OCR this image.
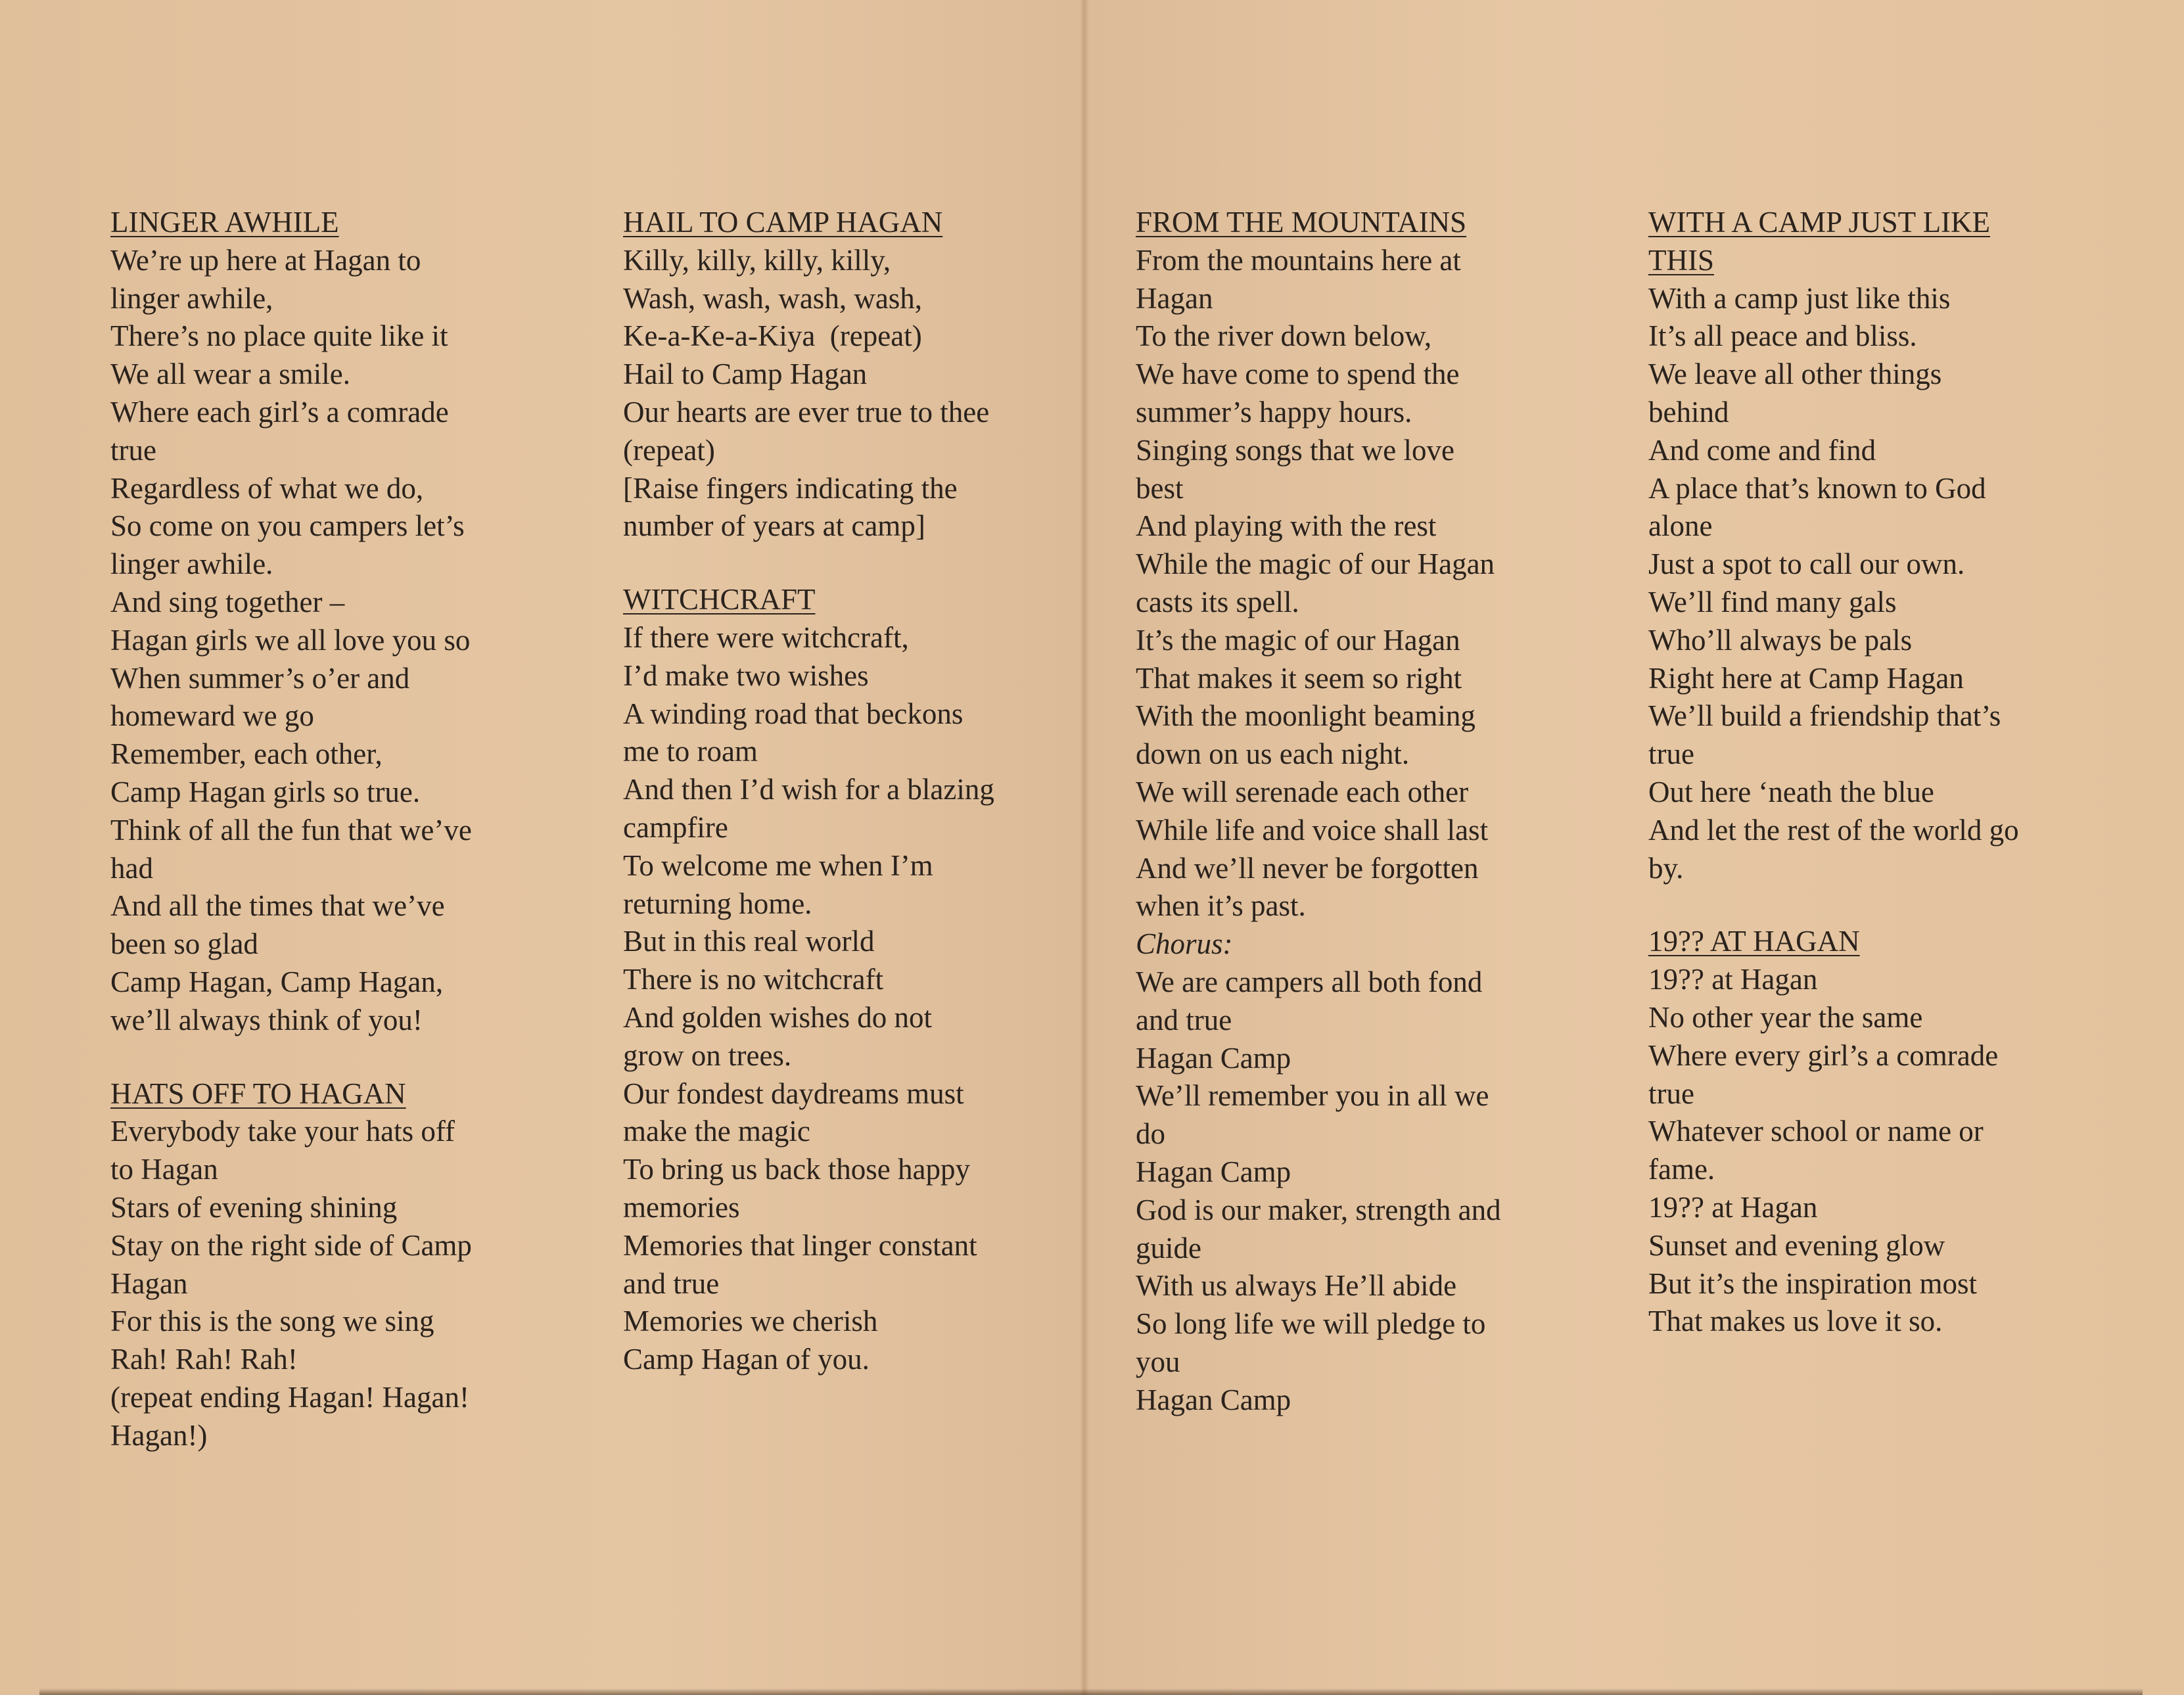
LINGER AWHILE
We’re up here at Hagan to
linger awhile,
There’s no place quite like it
We all wear a smile.
Where each girl’s a comrade
true
Regardless of what we do,
So come on you campers let’s
linger awhile.
And sing together –
Hagan girls we all love you so
When summer’s o’er and
homeward we go
Remember, each other,
Camp Hagan girls so true.
Think of all the fun that we’ve
had
And all the times that we’ve
been so glad
Camp Hagan, Camp Hagan,
we’ll always think of you!
HATS OFF TO HAGAN
Everybody take your hats off
to Hagan
Stars of evening shining
Stay on the right side of Camp
Hagan
For this is the song we sing
Rah! Rah! Rah!
(repeat ending Hagan! Hagan!
Hagan!)
HAIL TO CAMP HAGAN
Killy, killy, killy, killy,
Wash, wash, wash, wash,
Ke-a-Ke-a-Kiya  (repeat)
Hail to Camp Hagan
Our hearts are ever true to thee
(repeat)
[Raise fingers indicating the
number of years at camp]
WITCHCRAFT
If there were witchcraft,
I’d make two wishes
A winding road that beckons
me to roam
And then I’d wish for a blazing
campfire
To welcome me when I’m
returning home.
But in this real world
There is no witchcraft
And golden wishes do not
grow on trees.
Our fondest daydreams must
make the magic
To bring us back those happy
memories
Memories that linger constant
and true
Memories we cherish
Camp Hagan of you.
FROM THE MOUNTAINS
From the mountains here at
Hagan
To the river down below,
We have come to spend the
summer’s happy hours.
Singing songs that we love
best
And playing with the rest
While the magic of our Hagan
casts its spell.
It’s the magic of our Hagan
That makes it seem so right
With the moonlight beaming
down on us each night.
We will serenade each other
While life and voice shall last
And we’ll never be forgotten
when it’s past.
Chorus:
We are campers all both fond
and true
Hagan Camp
We’ll remember you in all we
do
Hagan Camp
God is our maker, strength and
guide
With us always He’ll abide
So long life we will pledge to
you
Hagan Camp
WITH A CAMP JUST LIKE
THIS
With a camp just like this
It’s all peace and bliss.
We leave all other things
behind
And come and find
A place that’s known to God
alone
Just a spot to call our own.
We’ll find many gals
Who’ll always be pals
Right here at Camp Hagan
We’ll build a friendship that’s
true
Out here ‘neath the blue
And let the rest of the world go
by.
19?? AT HAGAN
19?? at Hagan
No other year the same
Where every girl’s a comrade
true
Whatever school or name or
fame.
19?? at Hagan
Sunset and evening glow
But it’s the inspiration most
That makes us love it so.
